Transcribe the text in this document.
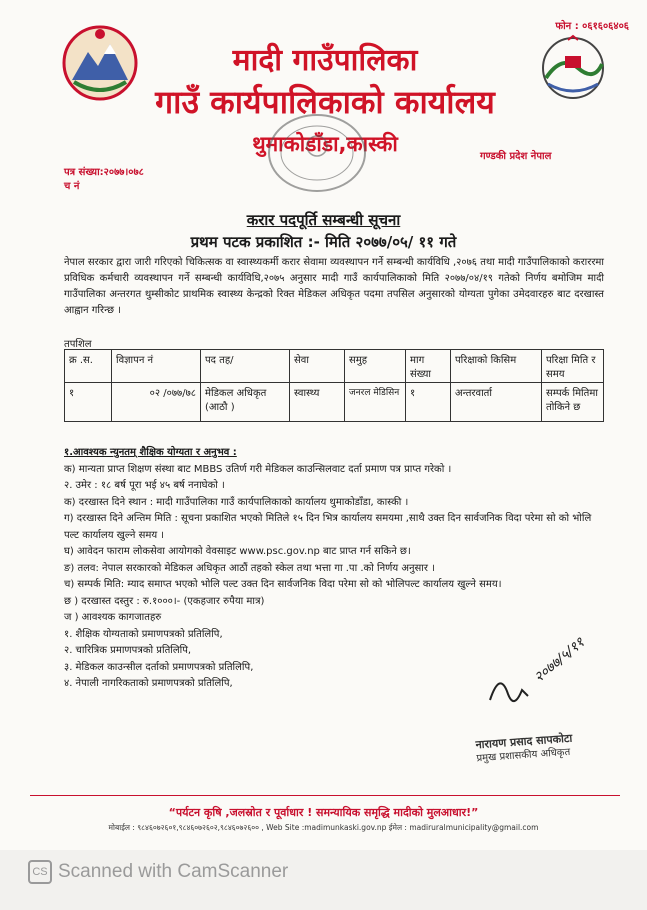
फोन : ०६१६०६४०६
मादी गाउँपालिका
गाउँ कार्यपालिकाको कार्यालय
थुमाकोडाँडा,कास्की
गण्डकी प्रदेश नेपाल
पत्र संख्या:२०७७।०७८
च नं
करार पदपूर्ति सम्बन्धी सूचना
प्रथम पटक प्रकाशित :- मिति २०७७/०५/ ११ गते
नेपाल सरकार द्वारा जारी गरिएको चिकित्सक वा स्वास्थ्यकर्मी करार सेवामा व्यवस्थापन गर्ने सम्बन्धी कार्यविधि ,२०७६ तथा मादी गाउँपालिकाको कराररमा प्रविधिक कर्मचारी व्यवस्थापन गर्ने सम्बन्धी कार्यविधि,२०७५ अनुसार मादी गाउँ कार्यपालिकाको मिति २०७७/०४/१९ गतेको निर्णय बमोजिम मादी गाउँपालिका अन्तरगत थुम्सीकोट प्राथमिक स्वास्थ्य केन्द्रको रिक्त मेडिकल अधिकृत पदमा तपसिल अनुसारको योग्यता पुगेका उमेदवारहरु बाट दरखास्त आह्वान गरिन्छ ।
तपशिल
क्र .स.	विज्ञापन नं	पद तह/	सेवा	समुह	माग संख्या	परिक्षाको किसिम	परिक्षा मिति र समय
१	०२ /०७७/७८	मेडिकल अधिकृत (आठौ )	स्वास्थ्य	जनरल मेडिसिन	१	अन्तरवार्ता	सम्पर्क मितिमा तोकिने छ
१.आवश्यक न्युनतम् शैक्षिक योग्यता र अनुभव :
क) मान्यता प्राप्त शिक्षण संस्था बाट MBBS उतिर्ण गरी मेडिकल काउन्सिलवाट दर्ता प्रमाण पत्र प्राप्त गरेको ।
२. उमेर : १८ बर्ष पूरा भई ४५ बर्ष ननाघेको ।
क) दरखास्त दिने स्थान : मादी गाउँपालिका गाउँ कार्यपालिकाको कार्यालय थुमाकोडाँडा, कास्की ।
ग) दरखास्त दिने अन्तिम मिति : सूचना प्रकाशित भएको मितिले १५ दिन भित्र कार्यालय समयमा ,साथै उक्त दिन सार्वजनिक विदा परेमा सो को भोलि पल्ट कार्यालय खुल्ने समय ।
घ) आवेदन फाराम लोकसेवा आयोगको वेवसाइट www.psc.gov.np बाट प्राप्त गर्न सकिने छ।
ङ) तलव: नेपाल सरकारको मेडिकल अधिकृत आठौं तहको स्केल तथा भत्ता गा .पा .को निर्णय अनुसार ।
च) सम्पर्क मिति: म्याद समाप्त भएको भोलि पल्ट उक्त दिन सार्वजनिक विदा परेमा सो को भोलिपल्ट कार्यालय खुल्ने समय।
छ ) दरखास्त दस्तुर : रु.१०००।- (एकहजार रुपैया मात्र)
ज ) आवश्यक कागजातहरु
१. शैक्षिक योग्यताको प्रमाणपत्रको प्रतिलिपि,
२. चारित्रिक प्रमाणपत्रको प्रतिलिपि,
३. मेडिकल काउन्सील दर्ताको प्रमाणपत्रको प्रतिलिपि,
४. नेपाली नागरिकताको प्रमाणपत्रको प्रतिलिपि,	२०७७/५/११
नारायण प्रसाद सापकोटा
प्रमुख प्रशासकीय अधिकृत
“पर्यटन कृषि ,जलस्रोत र पूर्वाधार ! समन्यायिक समृद्धि मादीको मुलआधार!”
मोबाईल : ९८४६०७२६०१,९८४६०७२६०२,९८४६०७२६०० , Web Site :madimunkaski.gov.np ईमेल : madiruralmunicipality@gmail.com
CS Scanned with CamScanner
